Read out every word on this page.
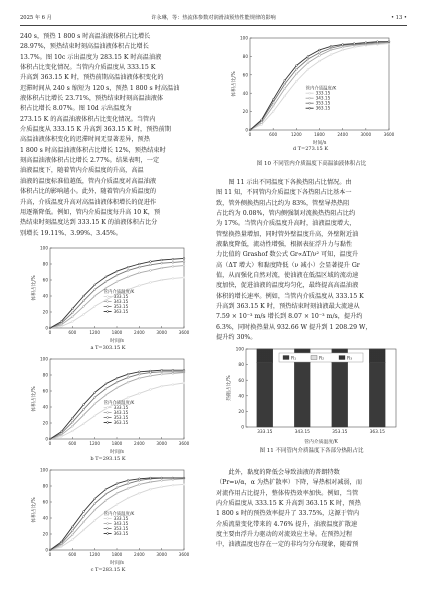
2025 年 6 月	许永琳，等：热流体参数对润滑油预热性能规律的影响	• 13 •

240 s，预热 1 800 s 时高温油液体积占比增长

28.97%，预热结束时刻高温油液体积占比增长

13.7%。图 10c 示出温度为 283.15 K 时高温油液

体积占比变化情况。当管内介质温度从 333.15 K

升高到 363.15 K 时，预热前期高温油液体积变化的

迟滞时间从 240 s 缩短为 120 s，预热 1 800 s 时高温油

液体积占比增长 23.71%，预热结束时刻高温油液体

积占比增长 8.07%。图 10d 示出温度为

273.15 K 的高温油液体积占比变化情况。当管内

介质温度从 333.15 K 升高到 363.15 K 时，预热前期

高温油液体积变化的迟滞时间无显著差异，预热

1 800 s 时高温油液体积占比增长 12%，预热结束时

刻高温油液体积占比增长 2.77%。结果表明，一定

油液温度下，随着管内介质温度的升高，高温

油液的温度标准值越低，管内介质温度对高温油液

体积占比的影响越小。此外，随着管内介质温度的

升高，介质温度升高对高温油液体积增长的促进作

用逐渐降低。例如，管内介质温度每升高 10 K，预

热结束时刻温度达到 333.15 K 的油液体积占比分

别增长 19.11%、3.99%、3.45%。

0
20
40
60
80
100
0	600	1200	1800	2400	3000	3600
体积占比/%
时间/s
管内介质温度/K
333.15
343.15
353.15
363.15
a T=303.15 K
0
20
40
60
80
100
0	600	1200	1800	2400	3000	3600
体积占比/%
时间/s
管内介质温度/K
333.15
343.15
353.15
363.15
b T=293.15 K
0
20
40
60
80
100
0	600	1200	1800	2400	3000	3600
体积占比/%
时间/s
管内介质温度/K
333.15
343.15
353.15
363.15
c T=283.15 K
0
20
40
60
80
100
0	600	1200	1800	2400	3000	3600
体积占比/%
时间/s
管内介质温度/K
333.15
343.15
353.15
363.15
d T=273.15 K
图 10 不同管内介质温度下高温油液体积占比

图 11 示出不同温度下各换热阻占比情况。由

图 11 知，不同管内介质温度下各热阻占比基本一

致，管外侧换热阻占比约为 83%，管壁导热热阻

占比约为 0.08%，管内侧强制对流换热热阻占比约

为 17%。当管内介质温度升高时，油液温度增大，

管壁换热量增加，同时管外壁温度升高，外壁附近油

液黏度降低，流动性增强，根据表征浮升力与黏性

力比值的 Grashof 数公式 Gr∝ΔT/ν² 可知，温度升

高（ΔT 增大）和黏度降低（ν 减小）会显著提升 Gr

值，从而强化自然对流，使油液在低温区域的流动速

度加快，促进油液的温度均匀化，最终提高高温油液

体积的增长速率。例如，当管内介质温度从 333.15 K

升高到 363.15 K 时，预热结束时刻油液最大流速从

7.59 × 10⁻³ m/s 增长到 8.07 × 10⁻³ m/s，提升约

6.3%，同时换热量从 932.66 W 提升到 1 208.29 W，

提升约 30%。

0
20
40
60
80
100
热阻占比/%
管内介质温度/K
333.15	343.15	353.15	363.15
R₁	R₂	R₃
图 11 不同管内介质温度下各部分热阻占比

此外，黏度的降低会导致油液的普朗特数

（Pr=ν/α，α 为热扩散率）下降，导热相对减弱，而

对流作用占比提升，整体传热效率加快。例如，当管

内介质温度从 333.15 K 升高到 363.15 K 时，预热

1 800 s 时的预热效率提升了 33.75%，这源于管内

介质流量变化带来的 4.76% 提升，油液温度扩散速

度主要由浮升力驱动的对流效应主导。在预热过程

中，油液温度也存在一定的非均匀分布现象，随着预
